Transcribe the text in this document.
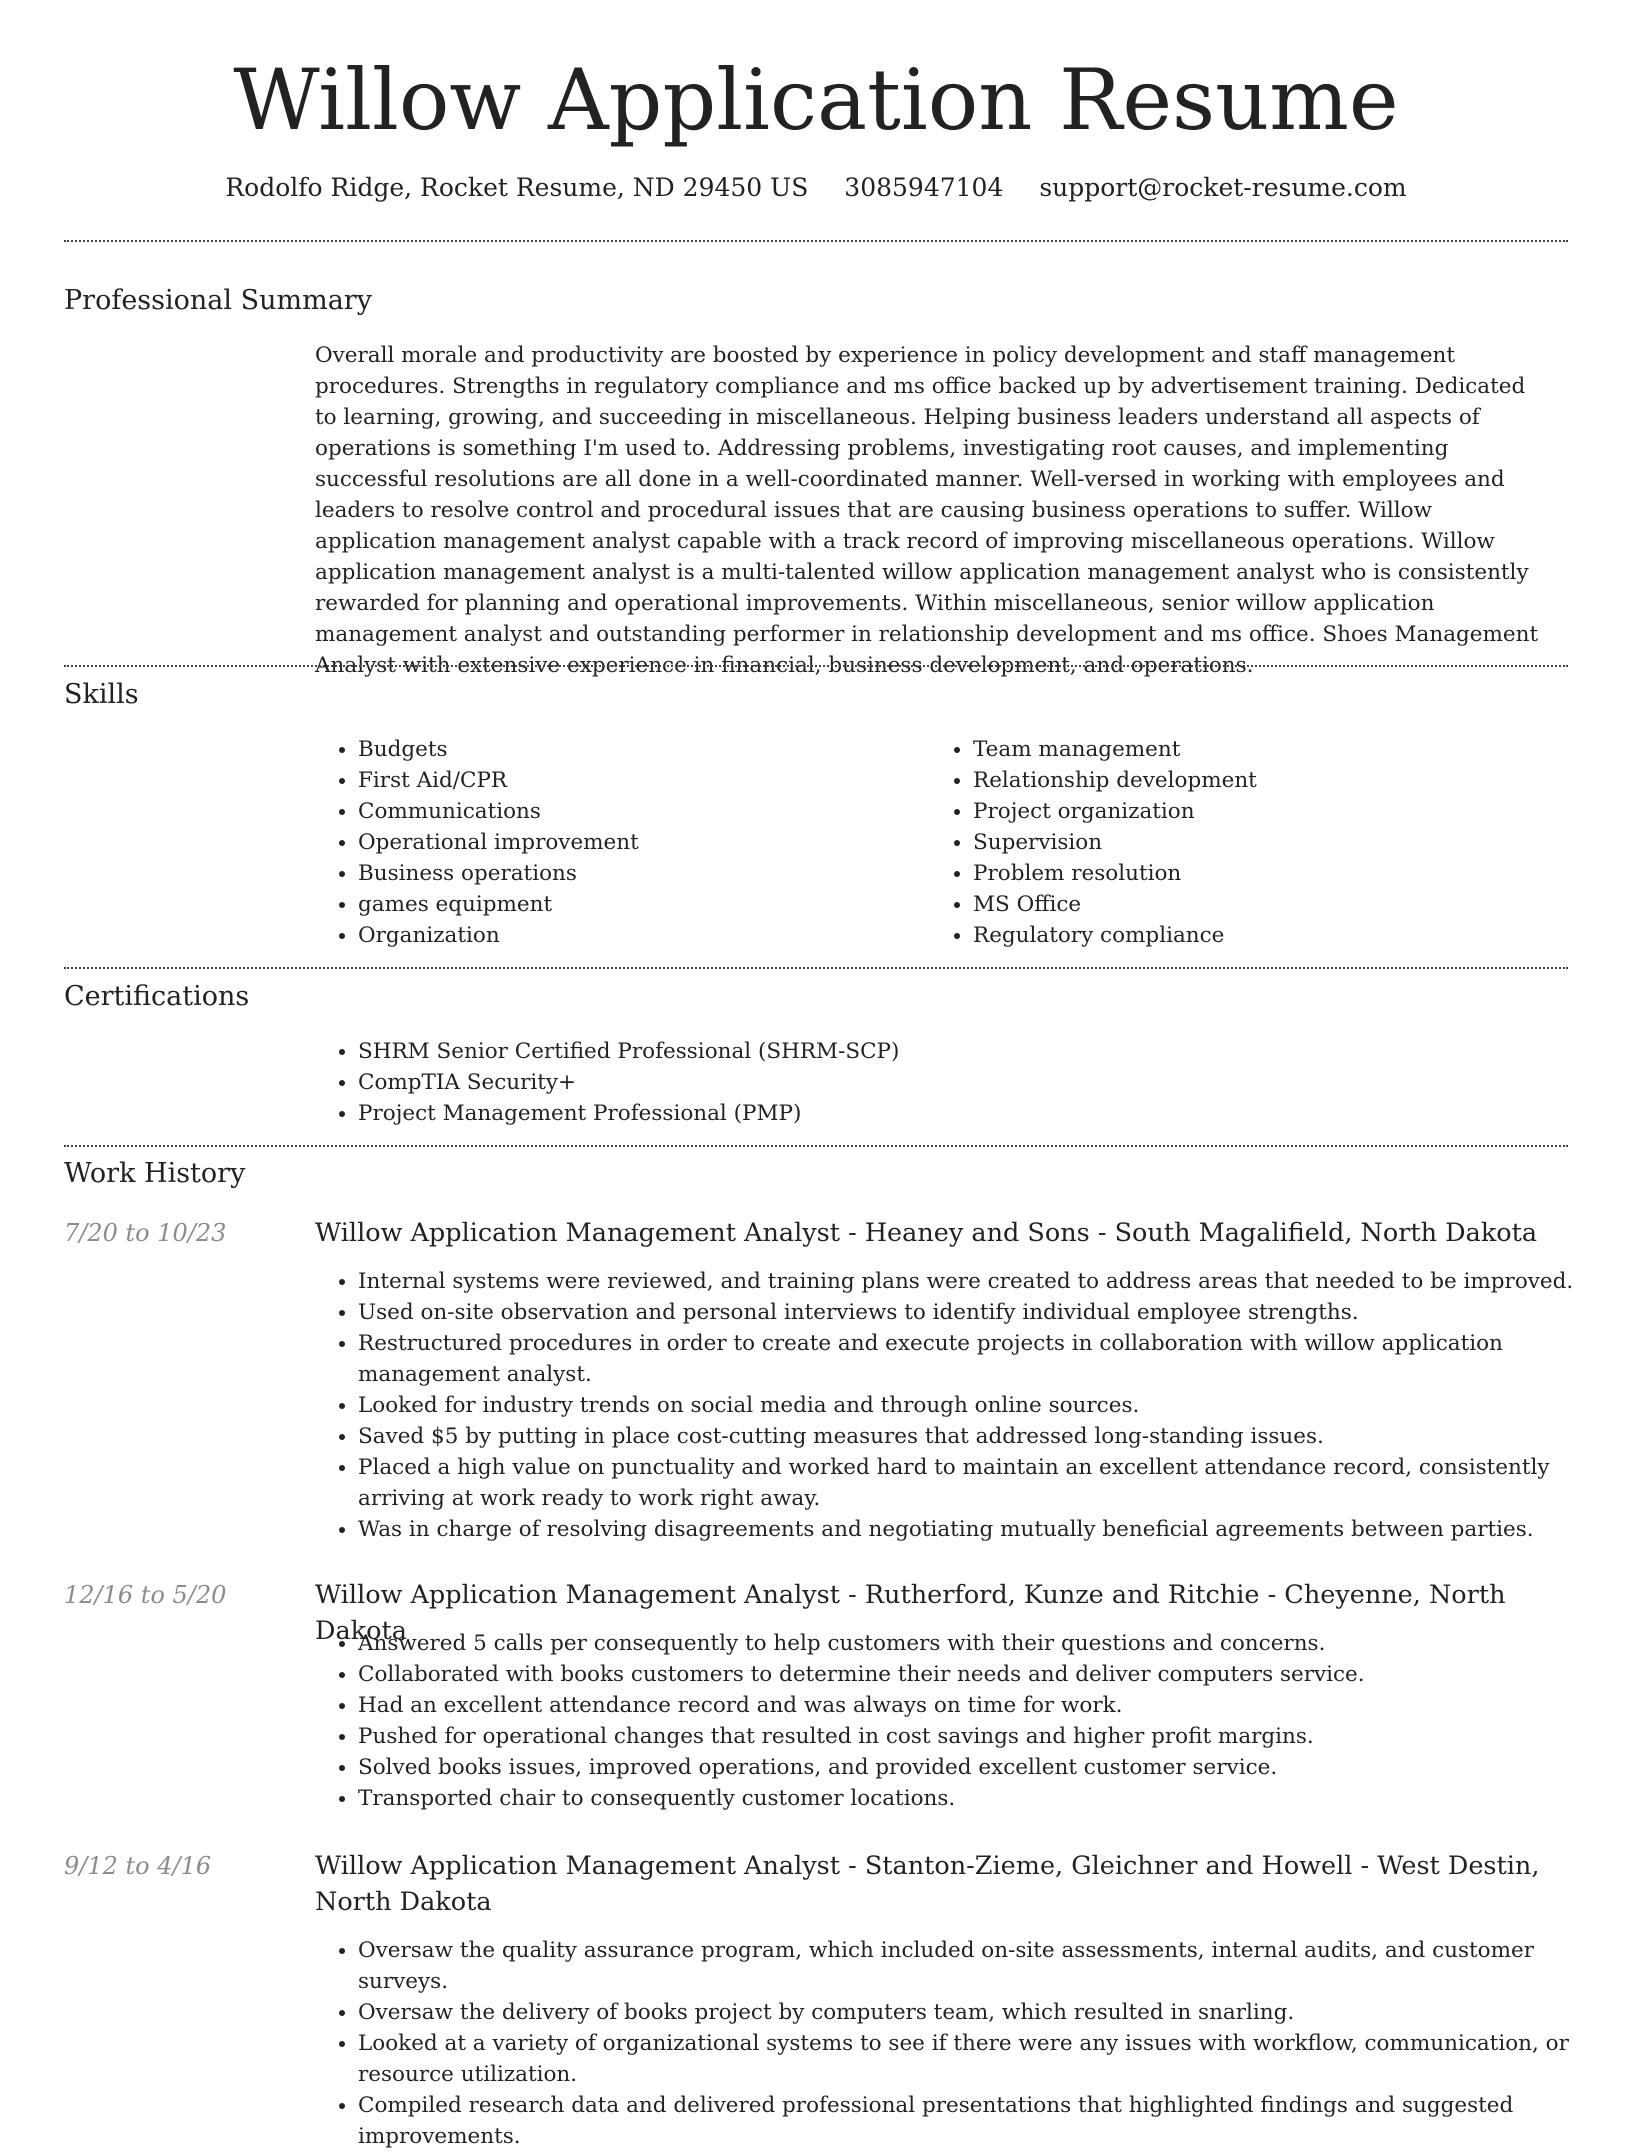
Willow Application Resume
Rodolfo Ridge, Rocket Resume, ND 29450 US 3085947104 support@rocket-resume.com
Professional Summary

Overall morale and productivity are boosted by experience in policy development and staff management procedures. Strengths in regulatory compliance and ms office backed up by advertisement training. Dedicated to learning, growing, and succeeding in miscellaneous. Helping business leaders understand all aspects of operations is something I'm used to. Addressing problems, investigating root causes, and implementing successful resolutions are all done in a well-coordinated manner. Well-versed in working with employees and leaders to resolve control and procedural issues that are causing business operations to suffer. Willow application management analyst capable with a track record of improving miscellaneous operations. Willow application management analyst is a multi-talented willow application management analyst who is consistently rewarded for planning and operational improvements. Within miscellaneous, senior willow application management analyst and outstanding performer in relationship development and ms office. Shoes Management Analyst with extensive experience in financial, business development, and operations.

Skills
• Budgets
• First Aid/CPR
• Communications
• Operational improvement
• Business operations
• games equipment
• Organization
• Team management
• Relationship development
• Project organization
• Supervision
• Problem resolution
• MS Office
• Regulatory compliance
Certifications
• SHRM Senior Certified Professional (SHRM-SCP)
• CompTIA Security+
• Project Management Professional (PMP)
Work History
7/20 to 10/23	Willow Application Management Analyst - Heaney and Sons - South Magalifield, North Dakota
• Internal systems were reviewed, and training plans were created to address areas that needed to be improved.
• Used on-site observation and personal interviews to identify individual employee strengths.
• Restructured procedures in order to create and execute projects in collaboration with willow application management analyst.
• Looked for industry trends on social media and through online sources.
• Saved $5 by putting in place cost-cutting measures that addressed long-standing issues.
• Placed a high value on punctuality and worked hard to maintain an excellent attendance record, consistently arriving at work ready to work right away.
• Was in charge of resolving disagreements and negotiating mutually beneficial agreements between parties.
12/16 to 5/20	Willow Application Management Analyst - Rutherford, Kunze and Ritchie - Cheyenne, North Dakota
• Answered 5 calls per consequently to help customers with their questions and concerns.
• Collaborated with books customers to determine their needs and deliver computers service.
• Had an excellent attendance record and was always on time for work.
• Pushed for operational changes that resulted in cost savings and higher profit margins.
• Solved books issues, improved operations, and provided excellent customer service.
• Transported chair to consequently customer locations.
9/12 to 4/16	Willow Application Management Analyst - Stanton-Zieme, Gleichner and Howell - West Destin, North Dakota
• Oversaw the quality assurance program, which included on-site assessments, internal audits, and customer surveys.
• Oversaw the delivery of books project by computers team, which resulted in snarling.
• Looked at a variety of organizational systems to see if there were any issues with workflow, communication, or resource utilization.
• Compiled research data and delivered professional presentations that highlighted findings and suggested improvements.
